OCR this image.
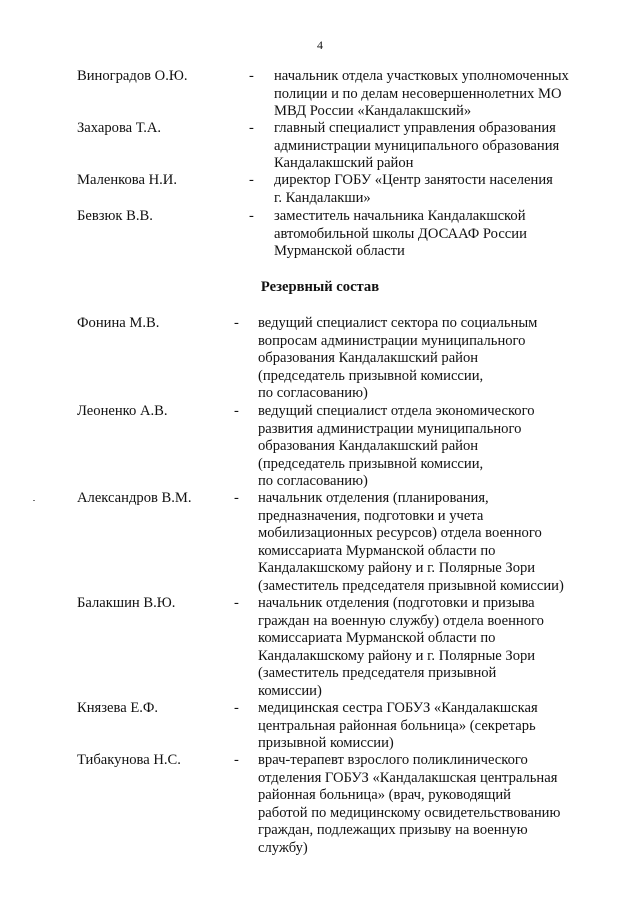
4
Виноградов О.Ю.	- начальник отдела участковых уполномоченных
полиции и по делам несовершеннолетних МО
МВД России «Кандалакшский»
Захарова Т.А.	- главный специалист управления образования
администрации муниципального образования
Кандалакшский район
Маленкова Н.И.	- директор ГОБУ «Центр занятости населения
г. Кандалакши»
Бевзюк В.В.	- заместитель начальника Кандалакшской
автомобильной школы ДОСААФ России
Мурманской области
Резервный состав
Фонина М.В.	- ведущий специалист сектора по социальным
вопросам администрации муниципального
образования Кандалакшский район
(председатель призывной комиссии,
по согласованию)
Леоненко А.В.	- ведущий специалист отдела экономического
развития администрации муниципального
образования Кандалакшский район
(председатель призывной комиссии,
по согласованию)
Александров В.М.	- начальник отделения (планирования,
предназначения, подготовки и учета
мобилизационных ресурсов) отдела военного
комиссариата Мурманской области по
Кандалакшскому району и г. Полярные Зори
(заместитель председателя призывной комиссии)
Балакшин В.Ю.	- начальник отделения (подготовки и призыва
граждан на военную службу) отдела военного
комиссариата Мурманской области по
Кандалакшскому району и г. Полярные Зори
(заместитель председателя призывной
комиссии)
Князева Е.Ф.	- медицинская сестра ГОБУЗ «Кандалакшская
центральная районная больница» (секретарь
призывной комиссии)
Тибакунова Н.С.	- врач-терапевт взрослого поликлинического
отделения ГОБУЗ «Кандалакшская центральная
районная больница» (врач, руководящий
работой по медицинскому освидетельствованию
граждан, подлежащих призыву на военную
службу)
